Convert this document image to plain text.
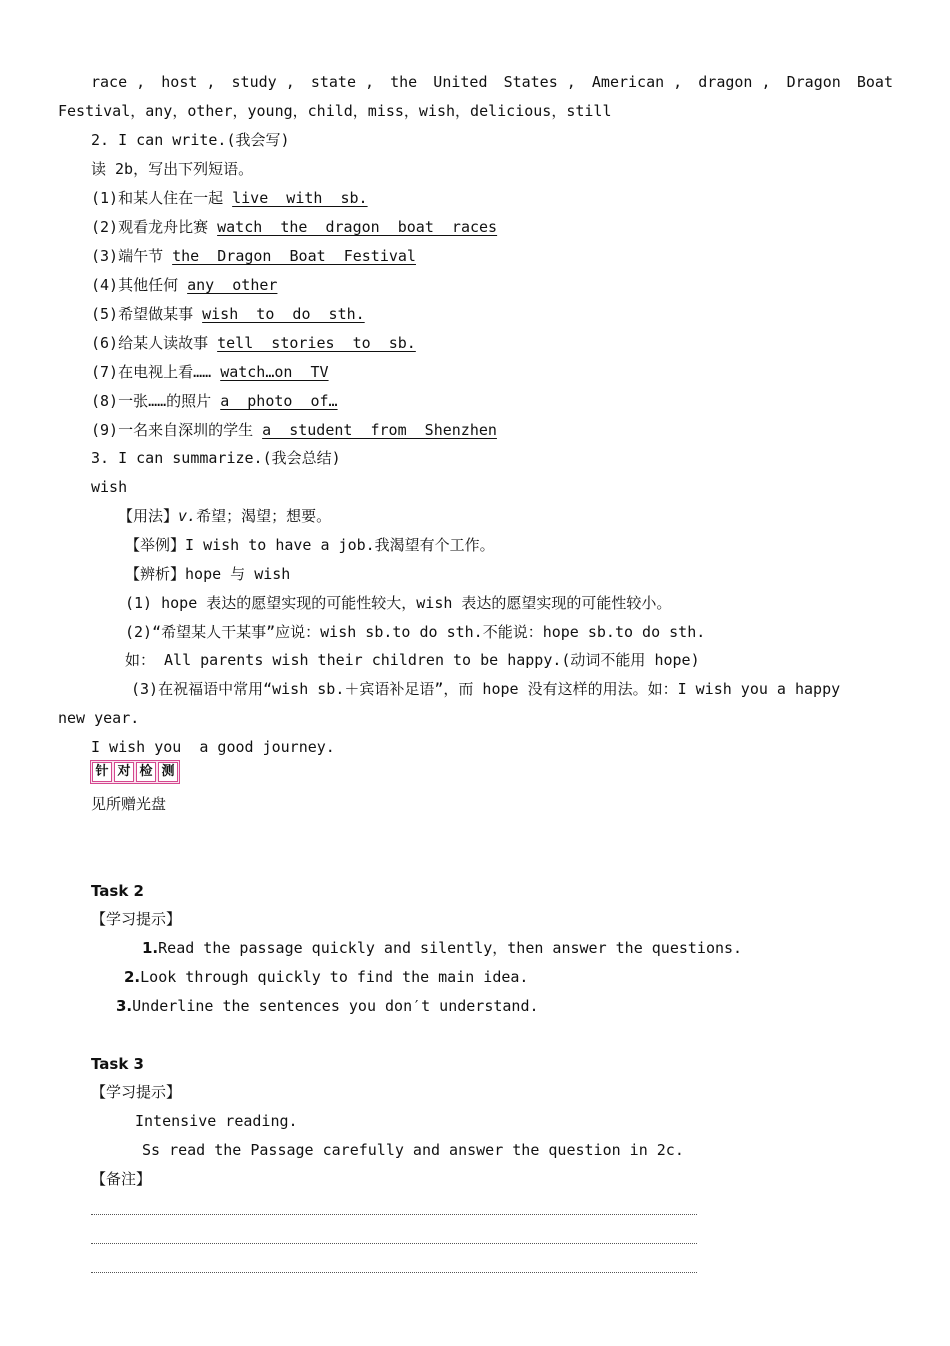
race , host , study , state , the United States , American , dragon , Dragon Boat
Festival，any，other，young，child，miss，wish，delicious，still
2. I can write.(我会写)
读 2b，写出下列短语。
(1)和某人住在一起 live  with  sb.
(2)观看龙舟比赛 watch  the  dragon  boat  races
(3)端午节 the  Dragon  Boat  Festival
(4)其他任何 any  other
(5)希望做某事 wish  to  do  sth.
(6)给某人读故事 tell  stories  to  sb.
(7)在电视上看…… watch…on  TV
(8)一张……的照片 a  photo  of…
(9)一名来自深圳的学生 a  student  from  Shenzhen
3. I can summarize.(我会总结)
wish
【用法】v.希望；渴望；想要。
【举例】I wish to have a job.我渴望有个工作。
【辨析】hope 与 wish
(1) hope 表达的愿望实现的可能性较大，wish 表达的愿望实现的可能性较小。
(2)“希望某人干某事”应说：wish sb.to do sth.不能说：hope sb.to do sth.
如： All parents wish their children to be happy.(动词不能用 hope)
(3)在祝福语中常用“wish sb.＋宾语补足语”，而 hope 没有这样的用法。如：I wish you a happy
new year.
I wish you  a good journey.
针 对 检 测
见所赠光盘
Task 2
【学习提示】
1.Read the passage quickly and silently，then answer the questions.
2.Look through quickly to find the main idea.
3.Underline the sentences you don′t understand.
Task 3
【学习提示】
Intensive reading.
Ss read the Passage carefully and answer the question in 2c.
【备注】
